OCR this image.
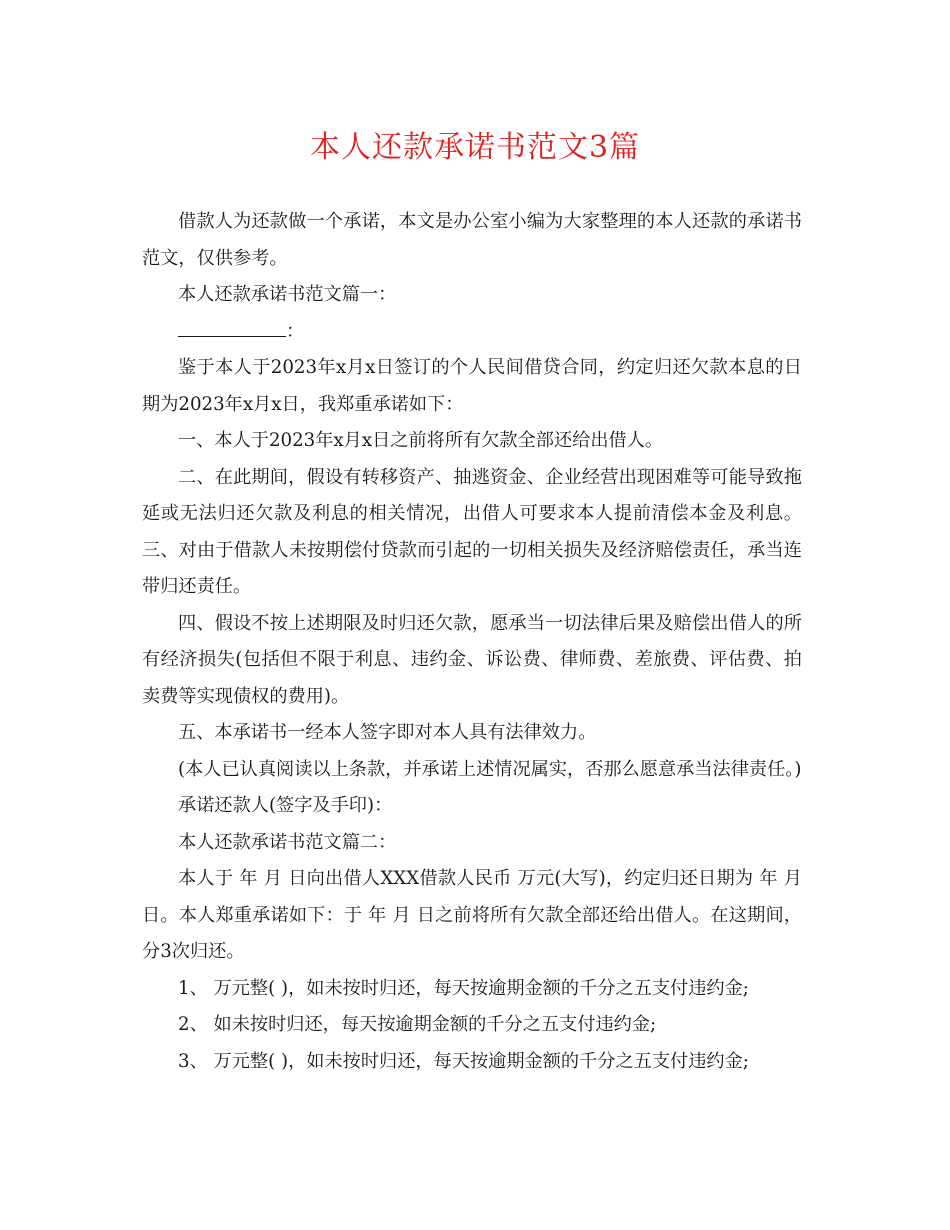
本人还款承诺书范文3篇

借款人为还款做一个承诺，本文是办公室小编为大家整理的本人还款的承诺书范文，仅供参考。

本人还款承诺书范文篇一：

：

鉴于本人于2023年x月x日签订的个人民间借贷合同，约定归还欠款本息的日期为2023年x月x日，我郑重承诺如下：

一、本人于2023年x月x日之前将所有欠款全部还给出借人。

二、在此期间，假设有转移资产、抽逃资金、企业经营出现困难等可能导致拖延或无法归还欠款及利息的相关情况，出借人可要求本人提前清偿本金及利息。 三、对由于借款人未按期偿付贷款而引起的一切相关损失及经济赔偿责任，承当连带归还责任。

四、假设不按上述期限及时归还欠款，愿承当一切法律后果及赔偿出借人的所有经济损失(包括但不限于利息、违约金、诉讼费、律师费、差旅费、评估费、拍卖费等实现债权的费用)。

五、本承诺书一经本人签字即对本人具有法律效力。

(本人已认真阅读以上条款，并承诺上述情况属实，否那么愿意承当法律责任。)

承诺还款人(签字及手印)：

本人还款承诺书范文篇二：

本人于 年 月 日向出借人XXX借款人民币 万元(大写)，约定归还日期为 年 月 日。本人郑重承诺如下：于 年 月 日之前将所有欠款全部还给出借人。在这期间，分3次归还。

1、 万元整( )，如未按时归还，每天按逾期金额的千分之五支付违约金;

2、 如未按时归还，每天按逾期金额的千分之五支付违约金;

3、 万元整( )，如未按时归还，每天按逾期金额的千分之五支付违约金;
